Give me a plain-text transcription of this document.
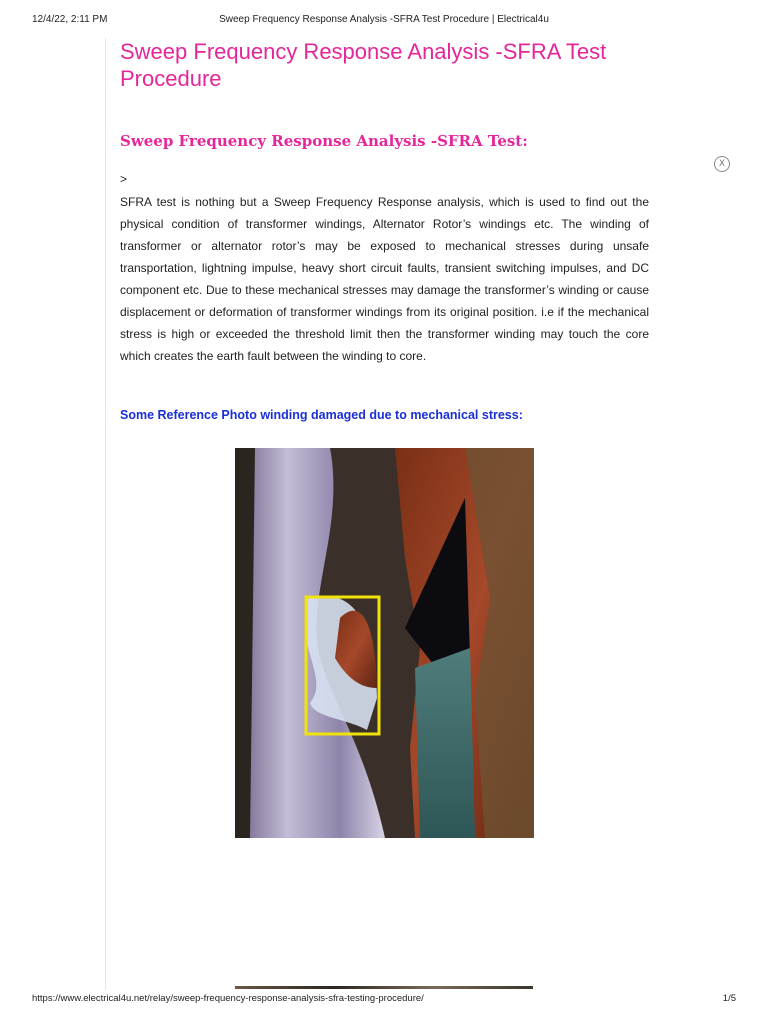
12/4/22, 2:11 PM	Sweep Frequency Response Analysis -SFRA Test Procedure | Electrical4u
Sweep Frequency Response Analysis -SFRA Test Procedure
Sweep Frequency Response Analysis -SFRA Test:
X
>

SFRA test is nothing but a Sweep Frequency Response analysis, which is used to find out the physical condition of transformer windings, Alternator Rotor’s windings etc. The winding of transformer or alternator rotor’s may be exposed to mechanical stresses during unsafe transportation, lightning impulse, heavy short circuit faults, transient switching impulses, and DC component etc. Due to these mechanical stresses may damage the transformer’s winding or cause displacement or deformation of transformer windings from its original position. i.e if the mechanical stress is high or exceeded the threshold limit then the transformer winding may touch the core which creates the earth fault between the winding to core.

Some Reference Photo winding damaged due to mechanical stress:

https://www.electrical4u.net/relay/sweep-frequency-response-analysis-sfra-testing-procedure/	1/5
